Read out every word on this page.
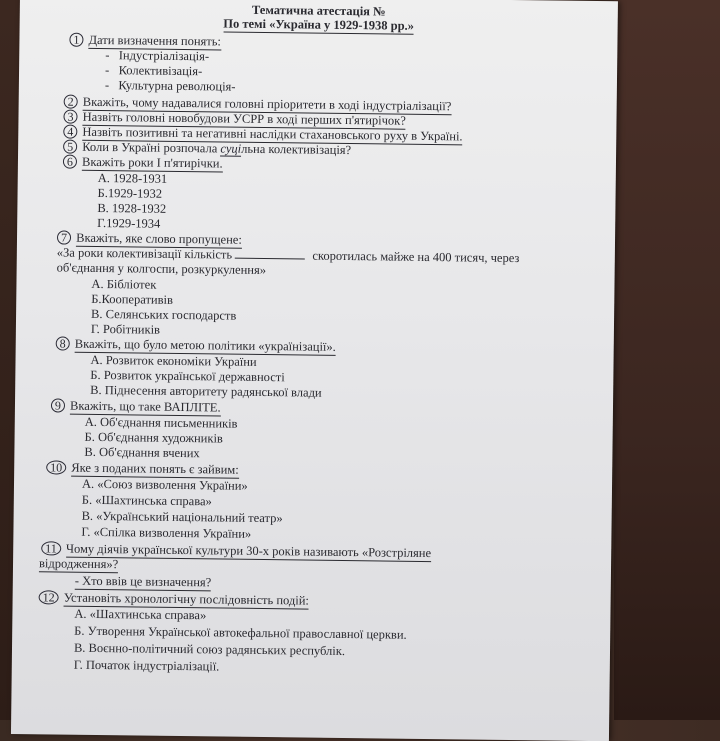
Тематична атестація №
По темі «Україна у 1929-1938 рр.»
1 Дати визначення понять:
-   Індустріалізація-
-   Колективізація-
-   Культурна революція-
2 Вкажіть, чому надавалися головні пріоритети в ході індустріалізації?
3 Назвіть головні новобудови УСРР в ході перших п'ятирічок?
4 Назвіть позитивні та негативні наслідки стахановського руху в Україні.
5 Коли в Україні розпочала суцільна колективізація?
6 Вкажіть роки І п'ятирічки.
А. 1928-1931
Б.1929-1932
В. 1928-1932
Г.1929-1934
7 Вкажіть, яке слово пропущене:
«За роки колективізації кількість	скоротилась майже на 400 тисяч, через
об'єднання у колгоспи, розкуркулення»
А. Бібліотек
Б.Кооперативів
В. Селянських господарств
Г. Робітників
8 Вкажіть, що було метою політики «українізації».
А. Розвиток економіки України
Б. Розвиток української державності
В. Піднесення авторитету радянської влади
9 Вкажіть, що таке ВАПЛІТЕ.
А. Об'єднання письменників
Б. Об'єднання художників
В. Об'єднання вчених
10 Яке з поданих понять є зайвим:
А. «Союз визволення України»
Б. «Шахтинська справа»
В. «Український національний театр»
Г. «Спілка визволення України»
11 Чому діячів української культури 30-х років називають «Розстріляне
відродження»?
- Хто ввів це визначення?
12 Установіть хронологічну послідовність подій:
А. «Шахтинська справа»
Б. Утворення Української автокефальної православної церкви.
В. Воєнно-політичний союз радянських республік.
Г. Початок індустріалізації.
